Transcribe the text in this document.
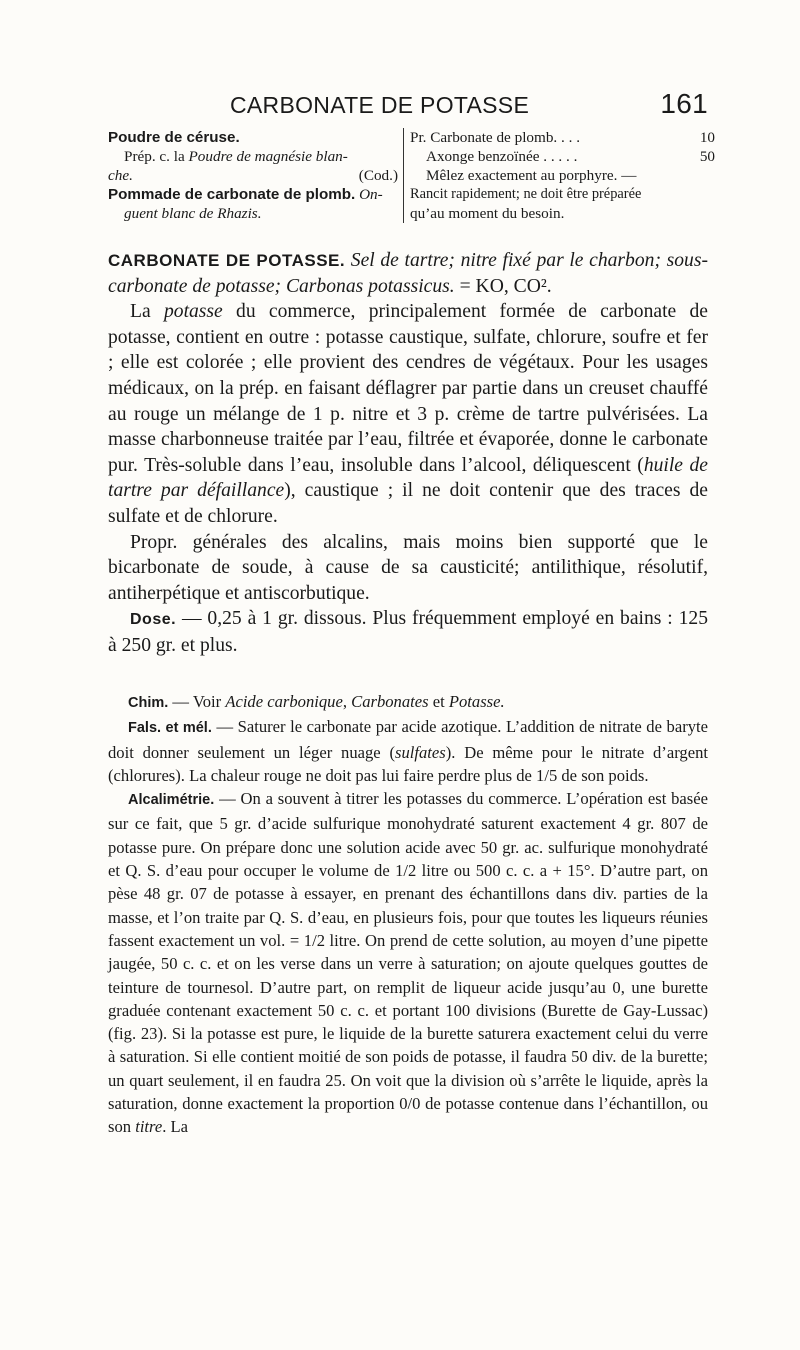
CARBONATE DE POTASSE	161
Poudre de céruse.
Prép. c. la Poudre de magnésie blan-
che.	(Cod.)
Pommade de carbonate de plomb. On-
guent blanc de Rhazis.
Pr. Carbonate de plomb. . . .	10
Axonge benzoïnée . . . . .	50
Mêlez exactement au porphyre. —
Rancit rapidement; ne doit être préparée
qu’au moment du besoin.

CARBONATE DE POTASSE. Sel de tartre; nitre fixé par le charbon; sous-carbonate de potasse; Carbonas potassicus. = KO, CO².

La potasse du commerce, principalement formée de carbonate de potasse, contient en outre : potasse caustique, sulfate, chlorure, soufre et fer ; elle est colorée ; elle provient des cendres de végétaux. Pour les usages médicaux, on la prép. en faisant déflagrer par partie dans un creuset chauffé au rouge un mélange de 1 p. nitre et 3 p. crème de tartre pulvérisées. La masse charbonneuse traitée par l’eau, filtrée et évaporée, donne le carbonate pur. Très-soluble dans l’eau, insoluble dans l’alcool, déliquescent (huile de tartre par défaillance), caustique ; il ne doit contenir que des traces de sulfate et de chlorure.

Propr. générales des alcalins, mais moins bien supporté que le bicarbonate de soude, à cause de sa causticité; antilithique, résolutif, antiherpétique et antiscorbutique.

Dose. — 0,25 à 1 gr. dissous. Plus fréquemment employé en bains : 125 à 250 gr. et plus.

Chim. — Voir Acide carbonique, Carbonates et Potasse.

Fals. et mél. — Saturer le carbonate par acide azotique. L’addition de nitrate de baryte doit donner seulement un léger nuage (sulfates). De même pour le nitrate d’argent (chlorures). La chaleur rouge ne doit pas lui faire perdre plus de 1/5 de son poids.

Alcalimétrie. — On a souvent à titrer les potasses du commerce. L’opération est basée sur ce fait, que 5 gr. d’acide sulfurique monohydraté saturent exactement 4 gr. 807 de potasse pure. On prépare donc une solution acide avec 50 gr. ac. sulfurique monohydraté et Q. S. d’eau pour occuper le volume de 1/2 litre ou 500 c. c. a + 15°. D’autre part, on pèse 48 gr. 07 de potasse à essayer, en prenant des échantillons dans div. parties de la masse, et l’on traite par Q. S. d’eau, en plusieurs fois, pour que toutes les liqueurs réunies fassent exactement un vol. = 1/2 litre. On prend de cette solution, au moyen d’une pipette jaugée, 50 c. c. et on les verse dans un verre à saturation; on ajoute quelques gouttes de teinture de tournesol. D’autre part, on remplit de liqueur acide jusqu’au 0, une burette graduée contenant exactement 50 c. c. et portant 100 divisions (Burette de Gay-Lussac) (fig. 23). Si la potasse est pure, le liquide de la burette saturera exactement celui du verre à saturation. Si elle contient moitié de son poids de potasse, il faudra 50 div. de la burette; un quart seulement, il en faudra 25. On voit que la division où s’arrête le liquide, après la saturation, donne exactement la proportion 0/0 de potasse contenue dans l’échantillon, ou son titre. La
